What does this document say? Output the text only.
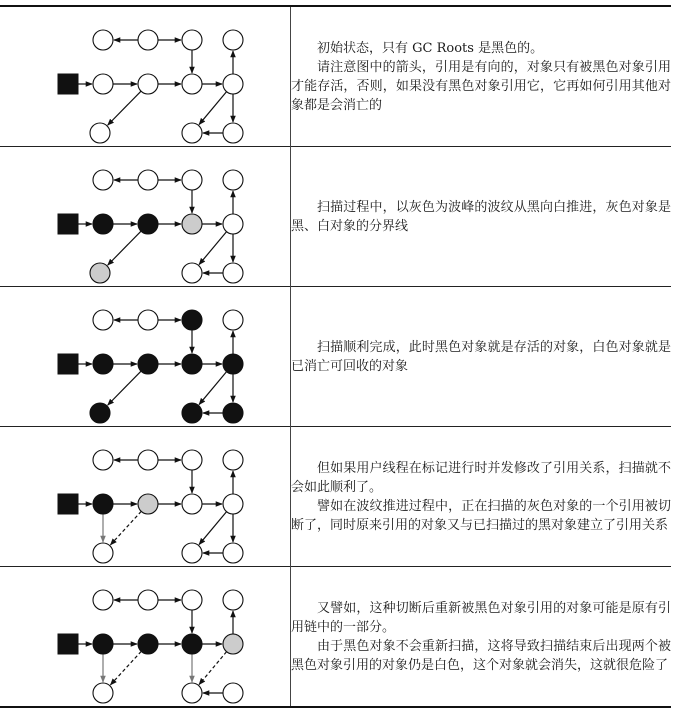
初始状态，只有 GC Roots 是黑色的。

请注意图中的箭头，引用是有向的，对象只有被黑色对象引用才能存活，否则，如果没有黑色对象引用它，它再如何引用其他对象都是会消亡的

扫描过程中，以灰色为波峰的波纹从黑向白推进，灰色对象是黑、白对象的分界线

扫描顺利完成，此时黑色对象就是存活的对象，白色对象就是已消亡可回收的对象

但如果用户线程在标记进行时并发修改了引用关系，扫描就不会如此顺利了。

譬如在波纹推进过程中，正在扫描的灰色对象的一个引用被切断了，同时原来引用的对象又与已扫描过的黑对象建立了引用关系

又譬如，这种切断后重新被黑色对象引用的对象可能是原有引用链中的一部分。

由于黑色对象不会重新扫描，这将导致扫描结束后出现两个被黑色对象引用的对象仍是白色，这个对象就会消失，这就很危险了
